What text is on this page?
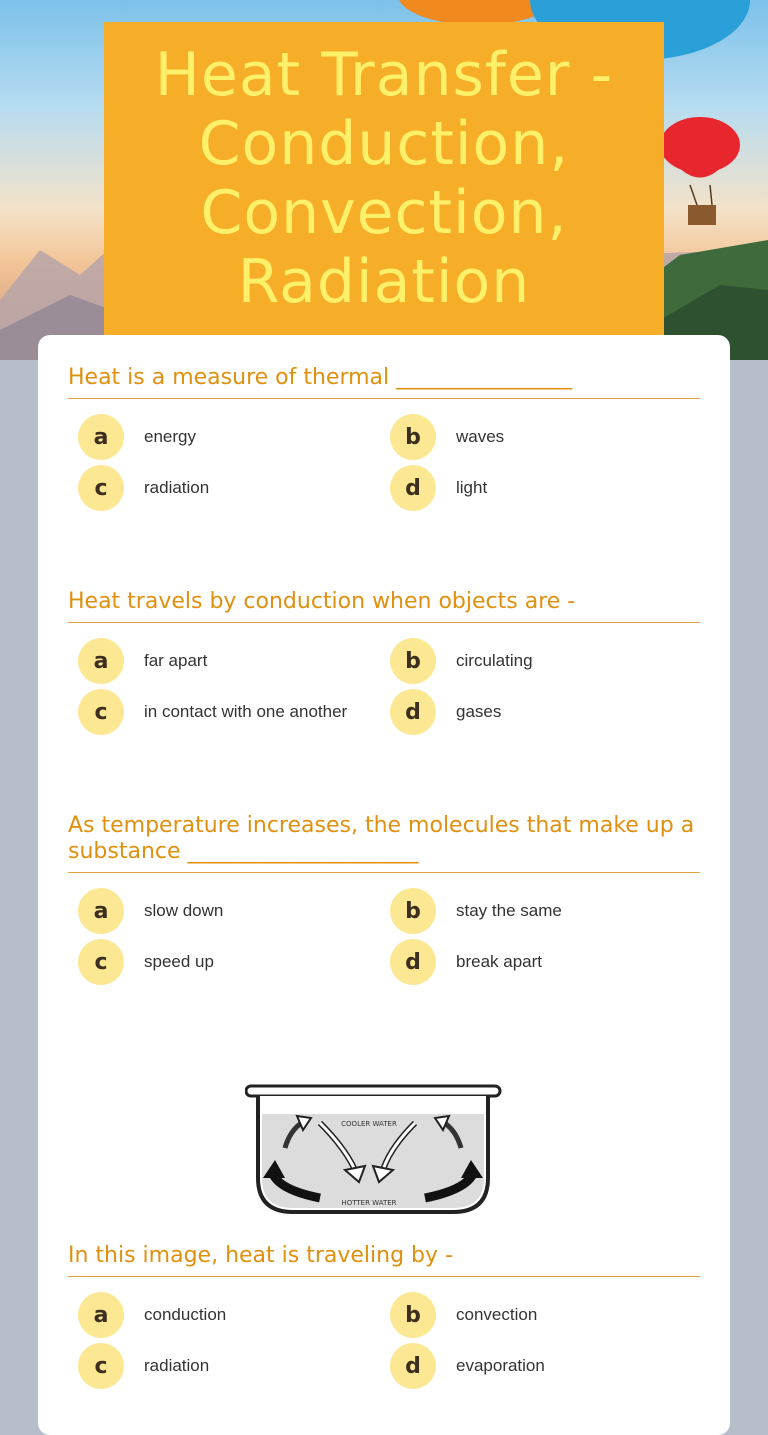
Heat Transfer - Conduction, Convection, Radiation

Heat is a measure of thermal ________________

a	energy	b	waves
c	radiation	d	light

Heat travels by conduction when objects are -

a	far apart	b	circulating
c	in contact with one another	d	gases

As temperature increases, the molecules that make up a substance _____________________

a	slow down	b	stay the same
c	speed up	d	break apart
COOLER WATER
HOTTER WATER

In this image, heat is traveling by -

a	conduction	b	convection
c	radiation	d	evaporation
